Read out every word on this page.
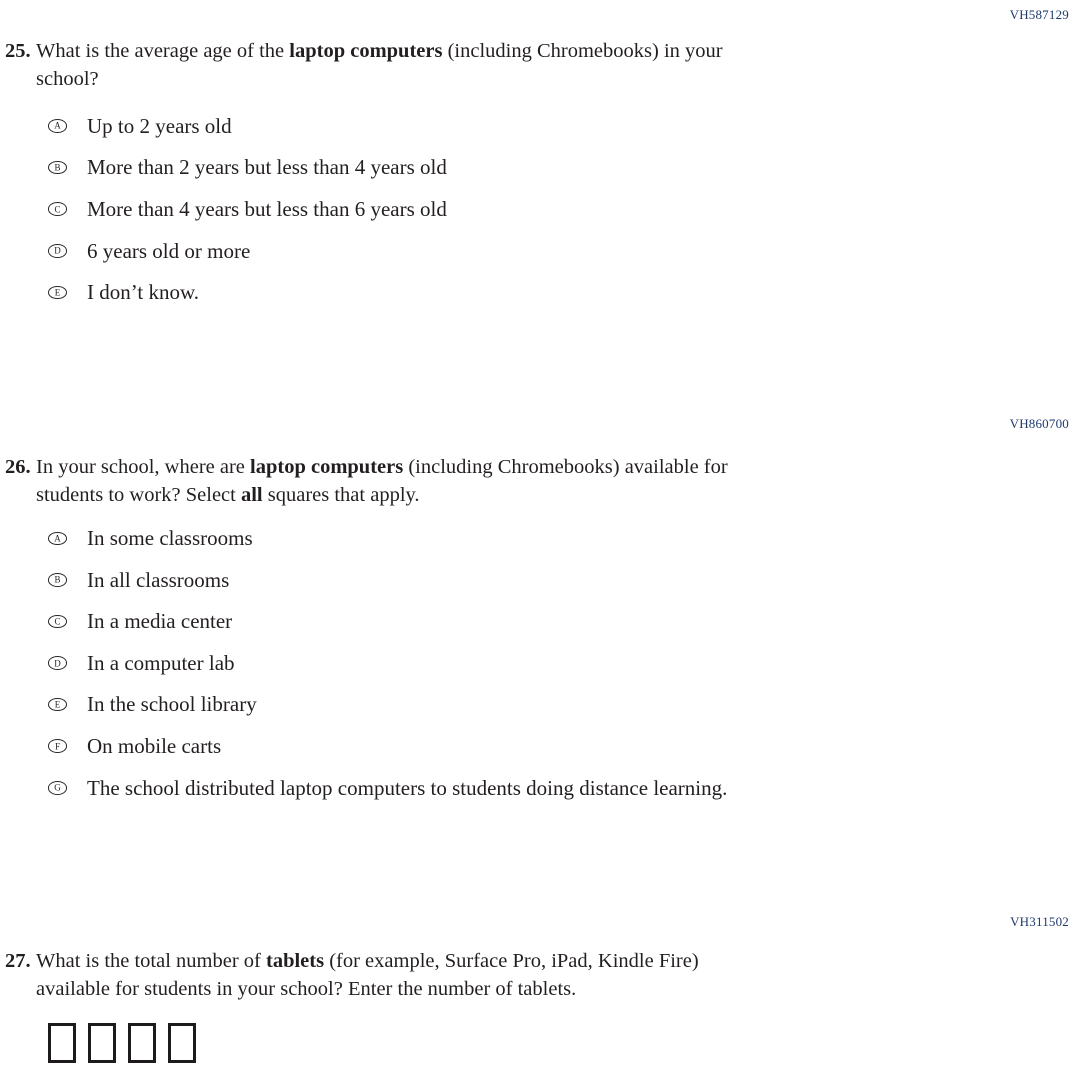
VH587129
25. What is the average age of the laptop computers (including Chromebooks) in your
school?
A Up to 2 years old
B More than 2 years but less than 4 years old
C More than 4 years but less than 6 years old
D 6 years old or more
E I don’t know.
VH860700
26. In your school, where are laptop computers (including Chromebooks) available for
students to work? Select all squares that apply.
A In some classrooms
B In all classrooms
C In a media center
D In a computer lab
E In the school library
F On mobile carts
G The school distributed laptop computers to students doing distance learning.
VH311502
27. What is the total number of tablets (for example, Surface Pro, iPad, Kindle Fire)
available for students in your school? Enter the number of tablets.
